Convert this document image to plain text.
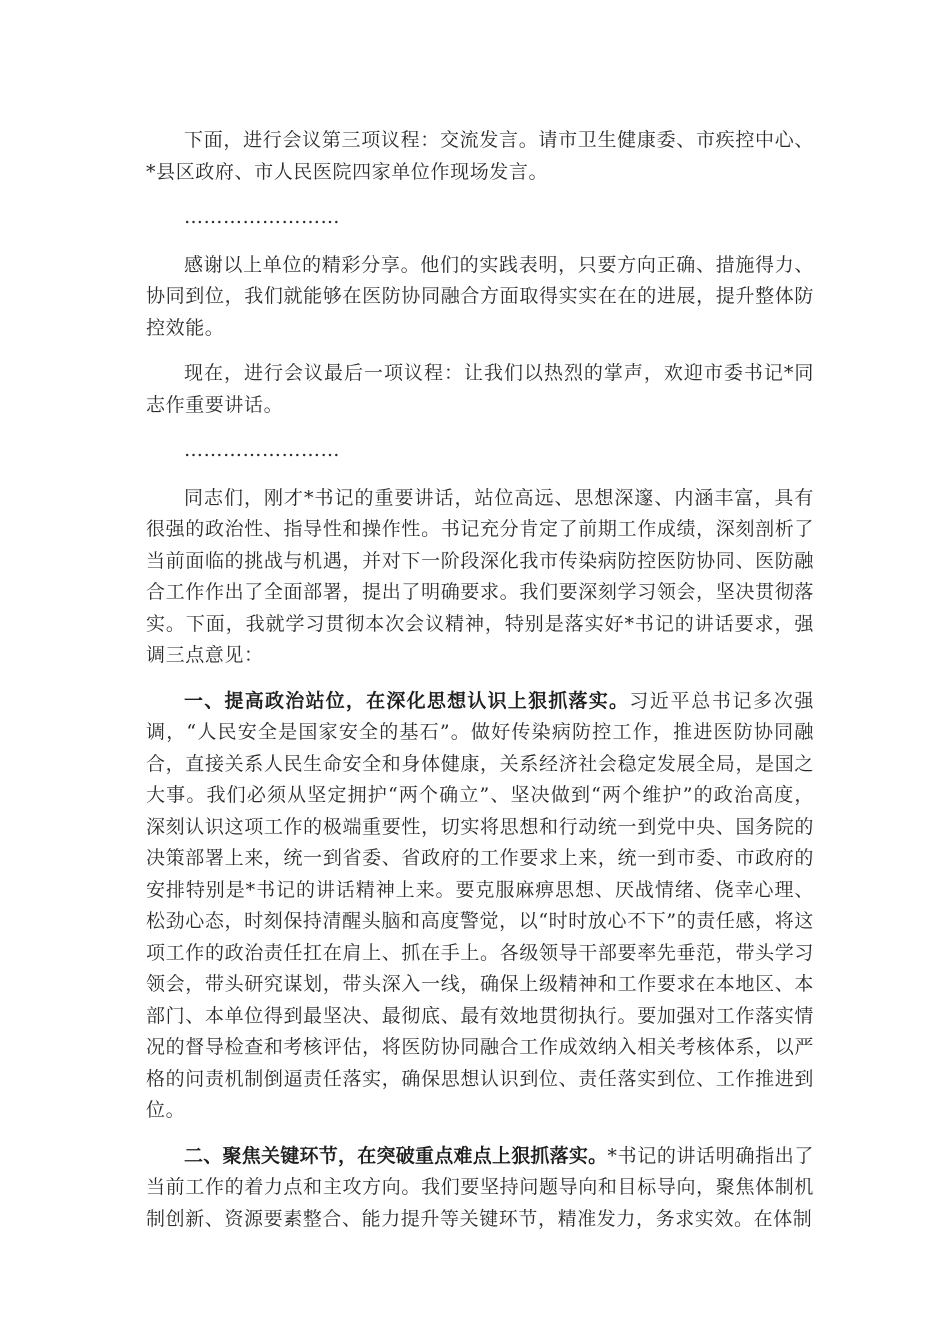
下面，进行会议第三项议程：交流发言。请市卫生健康委、市疾控中心、*县区政府、市人民医院四家单位作现场发言。

……………………

感谢以上单位的精彩分享。他们的实践表明，只要方向正确、措施得力、协同到位，我们就能够在医防协同融合方面取得实实在在的进展，提升整体防控效能。

现在，进行会议最后一项议程：让我们以热烈的掌声，欢迎市委书记*同志作重要讲话。

……………………

同志们，刚才*书记的重要讲话，站位高远、思想深邃、内涵丰富，具有很强的政治性、指导性和操作性。书记充分肯定了前期工作成绩，深刻剖析了当前面临的挑战与机遇，并对下一阶段深化我市传染病防控医防协同、医防融合工作作出了全面部署，提出了明确要求。我们要深刻学习领会，坚决贯彻落实。下面，我就学习贯彻本次会议精神，特别是落实好*书记的讲话要求，强调三点意见：

一、提高政治站位，在深化思想认识上狠抓落实。习近平总书记多次强调，“人民安全是国家安全的基石”。做好传染病防控工作，推进医防协同融合，直接关系人民生命安全和身体健康，关系经济社会稳定发展全局，是国之大事。我们必须从坚定拥护“两个确立”、坚决做到“两个维护”的政治高度，深刻认识这项工作的极端重要性，切实将思想和行动统一到党中央、国务院的决策部署上来，统一到省委、省政府的工作要求上来，统一到市委、市政府的安排特别是*书记的讲话精神上来。要克服麻痹思想、厌战情绪、侥幸心理、松劲心态，时刻保持清醒头脑和高度警觉，以“时时放心不下”的责任感，将这项工作的政治责任扛在肩上、抓在手上。各级领导干部要率先垂范，带头学习领会，带头研究谋划，带头深入一线，确保上级精神和工作要求在本地区、本部门、本单位得到最坚决、最彻底、最有效地贯彻执行。要加强对工作落实情况的督导检查和考核评估，将医防协同融合工作成效纳入相关考核体系，以严格的问责机制倒逼责任落实，确保思想认识到位、责任落实到位、工作推进到位。

二、聚焦关键环节，在突破重点难点上狠抓落实。*书记的讲话明确指出了当前工作的着力点和主攻方向。我们要坚持问题导向和目标导向，聚焦体制机制创新、资源要素整合、能力提升等关键环节，精准发力，务求实效。在体制
